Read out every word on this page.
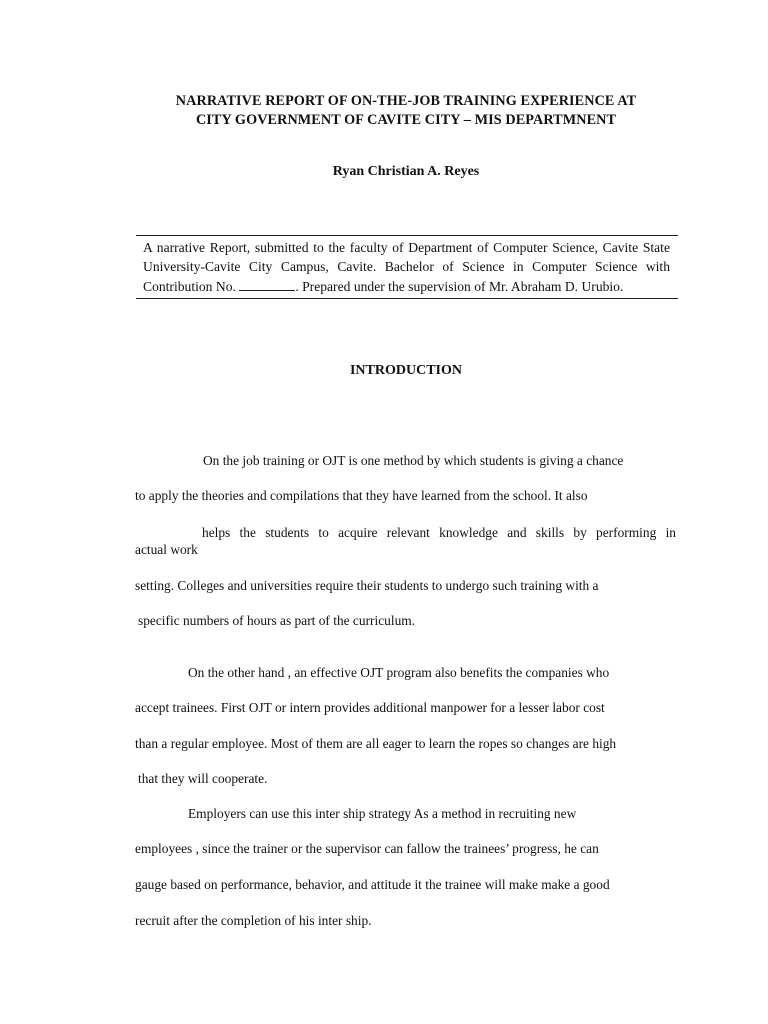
NARRATIVE REPORT OF ON-THE-JOB TRAINING EXPERIENCE AT
CITY GOVERNMENT OF CAVITE CITY – MIS DEPARTMNENT
Ryan Christian A. Reyes
A narrative Report, submitted to the faculty of Department of Computer Science, Cavite State University-Cavite City Campus, Cavite. Bachelor of Science in Computer Science with Contribution No.	. Prepared under the supervision of Mr. Abraham D. Urubio.
INTRODUCTION
On the job training or OJT is one method by which students is giving a chance
to apply the theories and compilations that they have learned from the school. It also
helps the students to acquire relevant knowledge and skills by performing in
actual work
setting. Colleges and universities require their students to undergo such training with a
specific numbers of hours as part of the curriculum.
On the other hand , an effective OJT program also benefits the companies who
accept trainees. First OJT or intern provides additional manpower for a lesser labor cost
than a regular employee. Most of them are all eager to learn the ropes so changes are high
that they will cooperate.
Employers can use this inter ship strategy As a method in recruiting new
employees , since the trainer or the supervisor can fallow the trainees’ progress, he can
gauge based on performance, behavior, and attitude it the trainee will make make a good
recruit after the completion of his inter ship.
